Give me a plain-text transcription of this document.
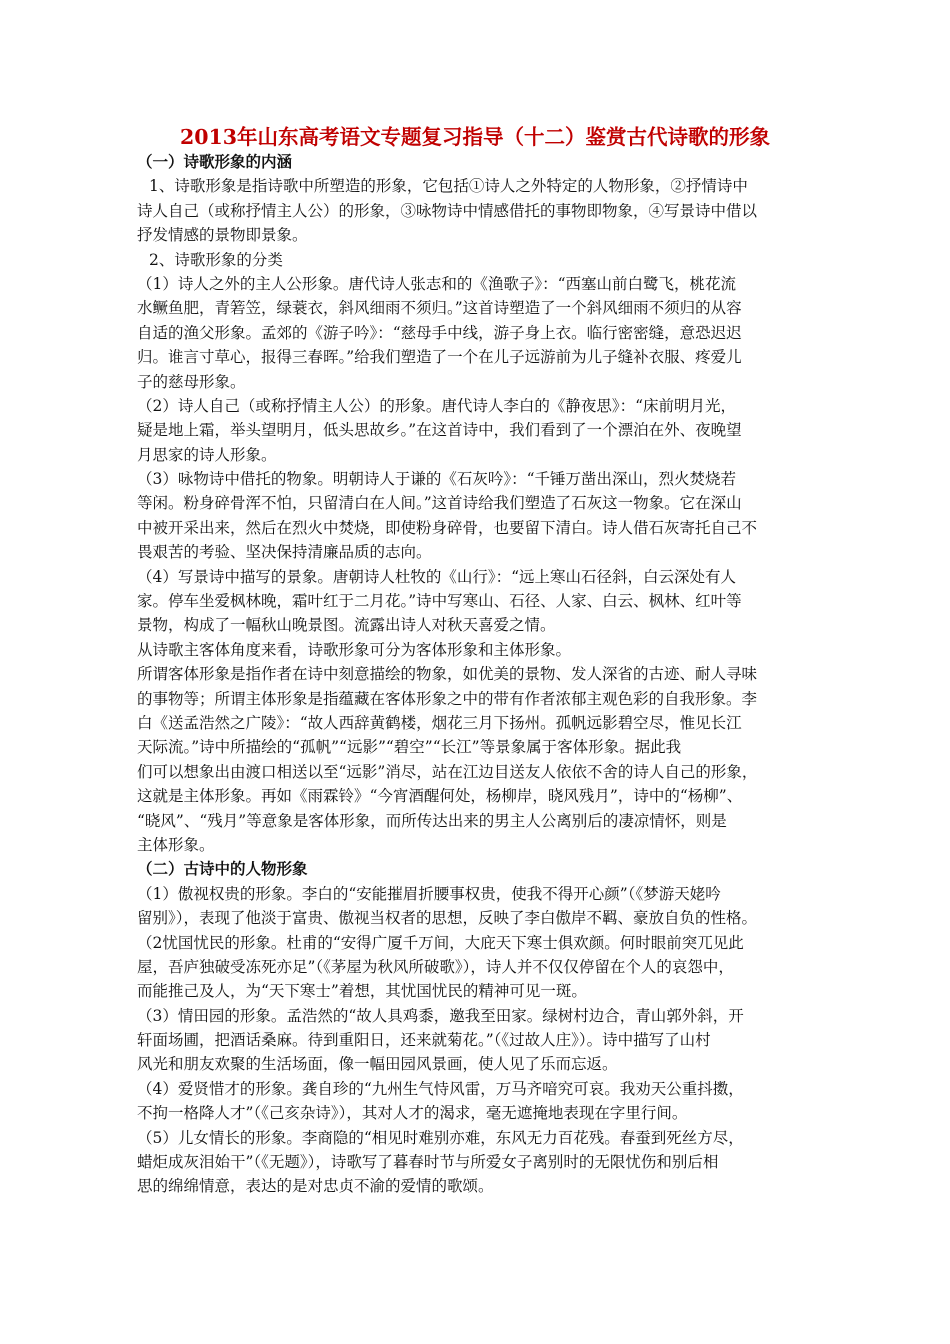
2013年山东高考语文专题复习指导（十二）鉴赏古代诗歌的形象
（一）诗歌形象的内涵
1、诗歌形象是指诗歌中所塑造的形象，它包括①诗人之外特定的人物形象，②抒情诗中
诗人自己（或称抒情主人公）的形象，③咏物诗中情感借托的事物即物象，④写景诗中借以
抒发情感的景物即景象。
2、诗歌形象的分类
（1）诗人之外的主人公形象。唐代诗人张志和的《渔歌子》：“西塞山前白鹭飞，桃花流
水鳜鱼肥，青箬笠，绿蓑衣，斜风细雨不须归。”这首诗塑造了一个斜风细雨不须归的从容
自适的渔父形象。孟郊的《游子吟》：“慈母手中线，游子身上衣。临行密密缝，意恐迟迟
归。谁言寸草心，报得三春晖。”给我们塑造了一个在儿子远游前为儿子缝补衣服、疼爱儿
子的慈母形象。
（2）诗人自己（或称抒情主人公）的形象。唐代诗人李白的《静夜思》：“床前明月光，
疑是地上霜，举头望明月，低头思故乡。”在这首诗中，我们看到了一个漂泊在外、夜晚望
月思家的诗人形象。
（3）咏物诗中借托的物象。明朝诗人于谦的《石灰吟》：“千锤万凿出深山，烈火焚烧若
等闲。粉身碎骨浑不怕，只留清白在人间。”这首诗给我们塑造了石灰这一物象。它在深山
中被开采出来，然后在烈火中焚烧，即使粉身碎骨，也要留下清白。诗人借石灰寄托自己不
畏艰苦的考验、坚决保持清廉品质的志向。
（4）写景诗中描写的景象。唐朝诗人杜牧的《山行》：“远上寒山石径斜，白云深处有人
家。停车坐爱枫林晚，霜叶红于二月花。”诗中写寒山、石径、人家、白云、枫林、红叶等
景物，构成了一幅秋山晚景图。流露出诗人对秋天喜爱之情。
从诗歌主客体角度来看，诗歌形象可分为客体形象和主体形象。
所谓客体形象是指作者在诗中刻意描绘的物象，如优美的景物、发人深省的古迹、耐人寻味
的事物等；所谓主体形象是指蕴藏在客体形象之中的带有作者浓郁主观色彩的自我形象。李
白《送孟浩然之广陵》：“故人西辞黄鹤楼，烟花三月下扬州。孤帆远影碧空尽，惟见长江
天际流。”诗中所描绘的“孤帆”“远影”“碧空”“长江”等景象属于客体形象。据此我
们可以想象出由渡口相送以至“远影”消尽，站在江边目送友人依依不舍的诗人自己的形象，
这就是主体形象。再如《雨霖铃》“今宵酒醒何处，杨柳岸，晓风残月”，诗中的“杨柳”、
“晓风”、“残月”等意象是客体形象，而所传达出来的男主人公离别后的凄凉情怀，则是
主体形象。
（二）古诗中的人物形象
（1）傲视权贵的形象。李白的“安能摧眉折腰事权贵，使我不得开心颜”（《梦游天姥吟
留别》），表现了他淡于富贵、傲视当权者的思想，反映了李白傲岸不羁、豪放自负的性格。
（2忧国忧民的形象。杜甫的“安得广厦千万间，大庇天下寒士俱欢颜。何时眼前突兀见此
屋，吾庐独破受冻死亦足”（《茅屋为秋风所破歌》），诗人并不仅仅停留在个人的哀怨中，
而能推己及人，为“天下寒士”着想，其忧国忧民的精神可见一斑。
（3）情田园的形象。孟浩然的“故人具鸡黍，邀我至田家。绿树村边合，青山郭外斜，开
轩面场圃，把酒话桑麻。待到重阳日，还来就菊花。”（《过故人庄》）。诗中描写了山村
风光和朋友欢聚的生活场面，像一幅田园风景画，使人见了乐而忘返。
（4）爱贤惜才的形象。龚自珍的“九州生气恃风雷，万马齐喑究可哀。我劝天公重抖擞，
不拘一格降人才”（《己亥杂诗》），其对人才的渴求，毫无遮掩地表现在字里行间。
（5）儿女情长的形象。李商隐的“相见时难别亦难，东风无力百花残。春蚕到死丝方尽，
蜡炬成灰泪始干”（《无题》），诗歌写了暮春时节与所爱女子离别时的无限忧伤和别后相
思的绵绵情意，表达的是对忠贞不渝的爱情的歌颂。
